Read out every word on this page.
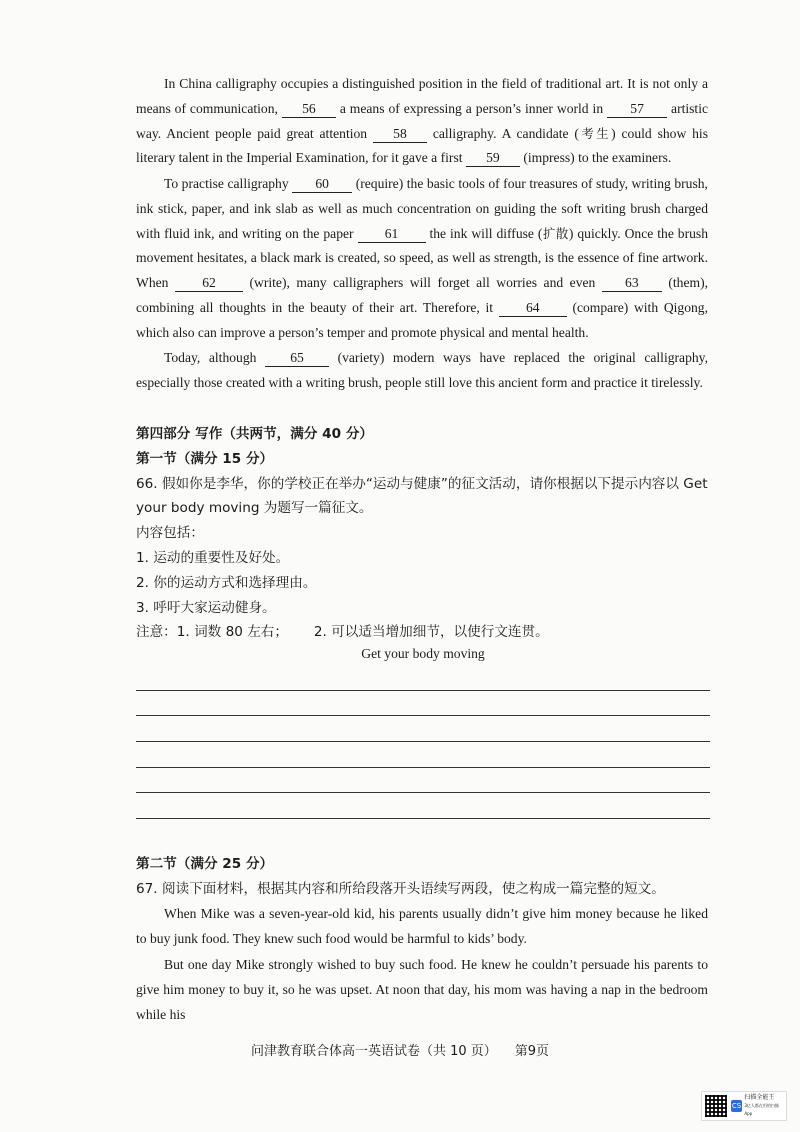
In China calligraphy occupies a distinguished position in the field of traditional art. It is not only a means of communication, 56 a means of expressing a person’s inner world in 57 artistic way. Ancient people paid great attention 58 calligraphy. A candidate (考生) could show his literary talent in the Imperial Examination, for it gave a first 59 (impress) to the examiners.

To practise calligraphy 60 (require) the basic tools of four treasures of study, writing brush, ink stick, paper, and ink slab as well as much concentration on guiding the soft writing brush charged with fluid ink, and writing on the paper 61 the ink will diffuse (扩散) quickly. Once the brush movement hesitates, a black mark is created, so speed, as well as strength, is the essence of fine artwork. When 62 (write), many calligraphers will forget all worries and even 63 (them), combining all thoughts in the beauty of their art. Therefore, it 64 (compare) with Qigong, which also can improve a person’s temper and promote physical and mental health.

Today, although 65 (variety) modern ways have replaced the original calligraphy, especially those created with a writing brush, people still love this ancient form and practice it tirelessly.

第四部分 写作（共两节，满分 40 分）
第一节（满分 15 分）
66. 假如你是李华，你的学校正在举办“运动与健康”的征文活动，请你根据以下提示内容以 Get
your body moving 为题写一篇征文。
内容包括：
1. 运动的重要性及好处。
2. 你的运动方式和选择理由。
3. 呼吁大家运动健身。
注意：1. 词数 80 左右；      2. 可以适当增加细节，以使行文连贯。
Get your body moving
第二节（满分 25 分）
67. 阅读下面材料，根据其内容和所给段落开头语续写两段，使之构成一篇完整的短文。

When Mike was a seven-year-old kid, his parents usually didn’t give him money because he liked to buy junk food. They knew such food would be harmful to kids’ body.

But one day Mike strongly wished to buy such food. He knew he couldn’t persuade his parents to give him money to buy it, so he was upset. At noon that day, his mom was having a nap in the bedroom while his

问津教育联合体高一英语试卷（共 10 页） 第9页
CS
扫描全能王
3亿人都在用的扫描App
